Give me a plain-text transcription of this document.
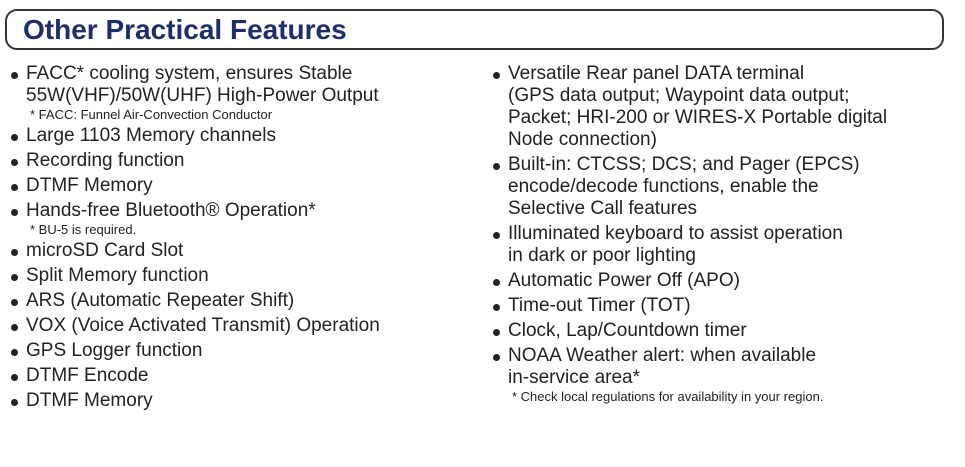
Other Practical Features
FACC* cooling system, ensures Stable
55W(VHF)/50W(UHF) High-Power Output
* FACC: Funnel Air-Convection Conductor
Large 1103 Memory channels
Recording function
DTMF Memory
Hands-free Bluetooth® Operation*
* BU-5 is required.
microSD Card Slot
Split Memory function
ARS (Automatic Repeater Shift)
VOX (Voice Activated Transmit) Operation
GPS Logger function
DTMF Encode
DTMF Memory
Versatile Rear panel DATA terminal
(GPS data output; Waypoint data output;
Packet; HRI-200 or WIRES-X Portable digital
Node connection)
Built-in: CTCSS; DCS; and Pager (EPCS)
encode/decode functions, enable the
Selective Call features
Illuminated keyboard to assist operation
in dark or poor lighting
Automatic Power Off (APO)
Time-out Timer (TOT)
Clock, Lap/Countdown timer
NOAA Weather alert: when available
in-service area*
* Check local regulations for availability in your region.
